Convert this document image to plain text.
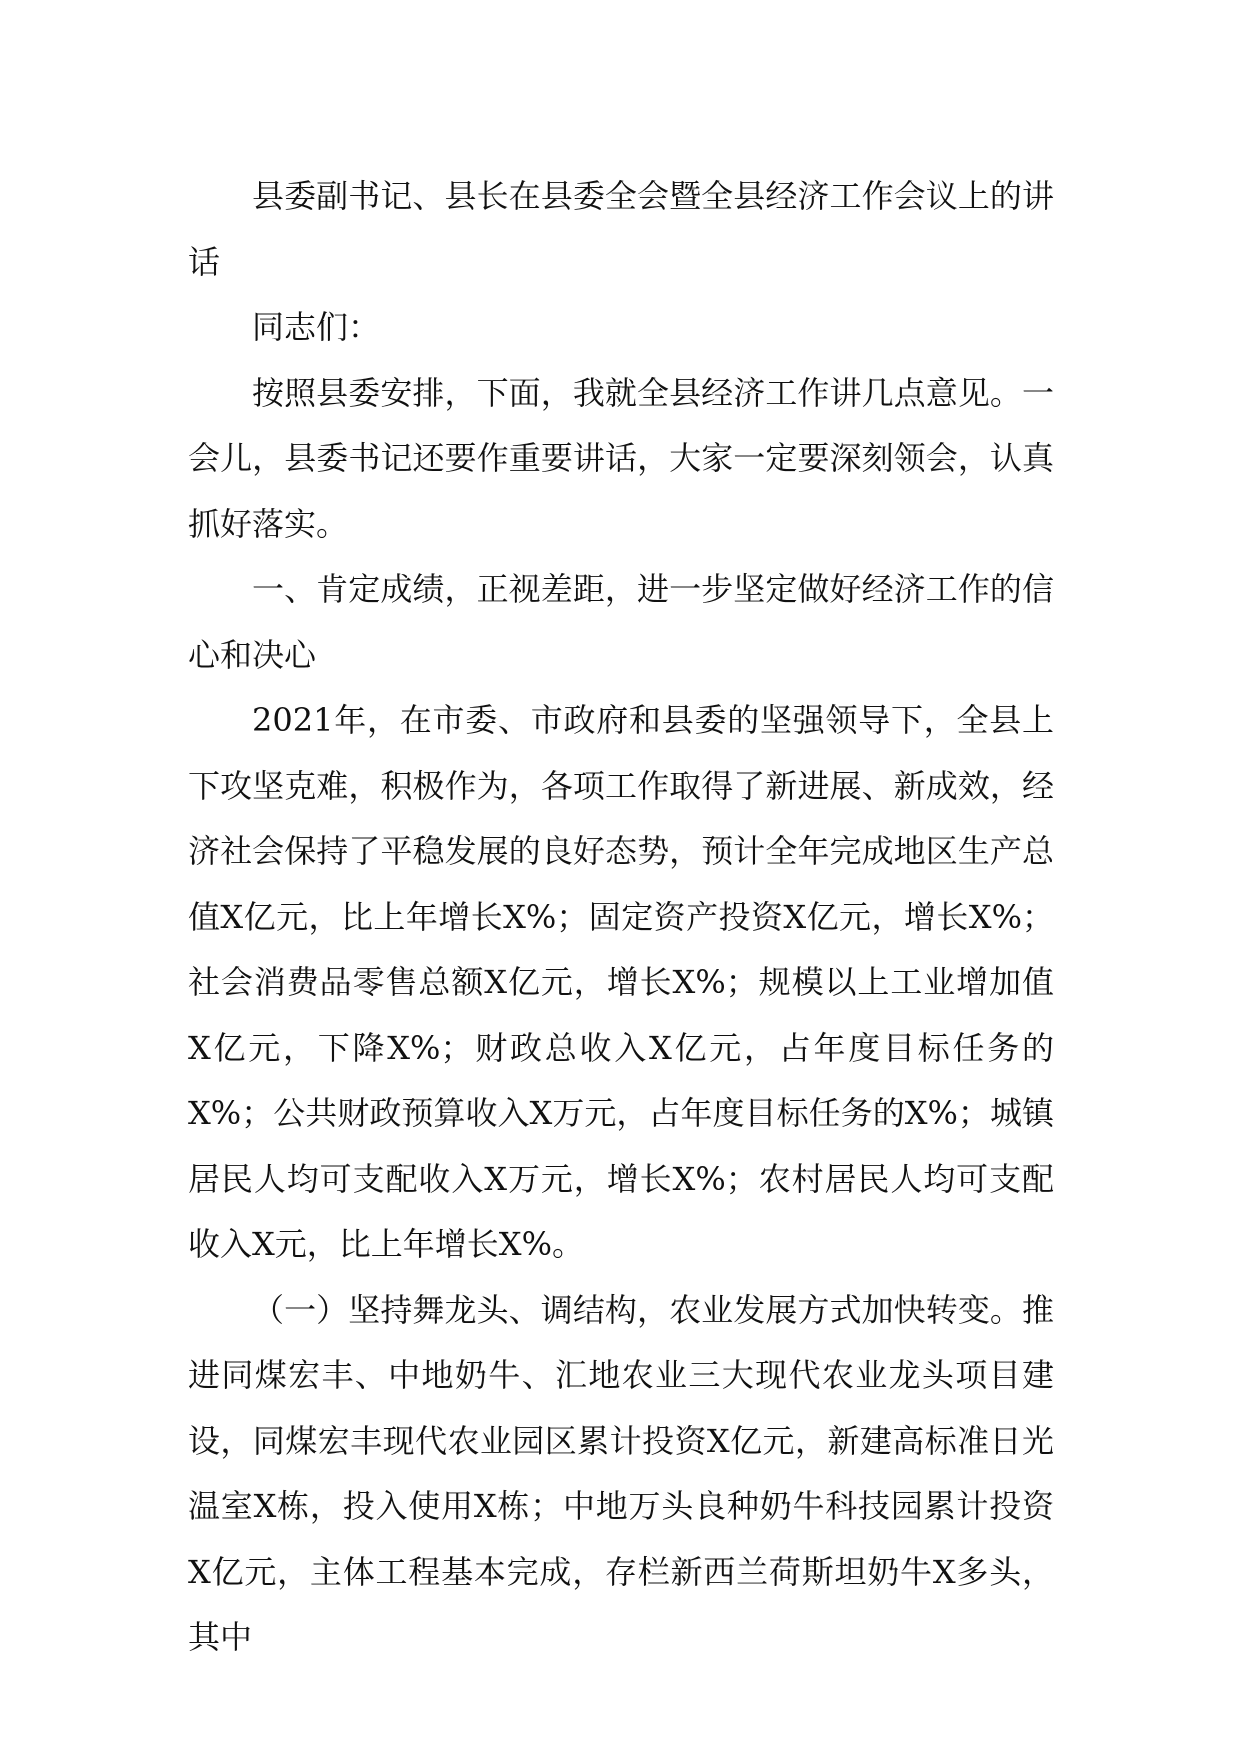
县委副书记、县长在县委全会暨全县经济工作会议上的讲话

同志们：

按照县委安排，下面，我就全县经济工作讲几点意见。一会儿，县委书记还要作重要讲话，大家一定要深刻领会，认真抓好落实。

一、肯定成绩，正视差距，进一步坚定做好经济工作的信心和决心

2021年，在市委、市政府和县委的坚强领导下，全县上下攻坚克难，积极作为，各项工作取得了新进展、新成效，经济社会保持了平稳发展的良好态势，预计全年完成地区生产总值X亿元，比上年增长X%；固定资产投资X亿元，增长X%；社会消费品零售总额X亿元，增长X%；规模以上工业增加值X亿元，下降X%；财政总收入X亿元，占年度目标任务的X%；公共财政预算收入X万元，占年度目标任务的X%；城镇居民人均可支配收入X万元，增长X%；农村居民人均可支配收入X元，比上年增长X%。

（一）坚持舞龙头、调结构，农业发展方式加快转变。推进同煤宏丰、中地奶牛、汇地农业三大现代农业龙头项目建设，同煤宏丰现代农业园区累计投资X亿元，新建高标准日光温室X栋，投入使用X栋；中地万头良种奶牛科技园累计投资X亿元，主体工程基本完成，存栏新西兰荷斯坦奶牛X多头，其中
